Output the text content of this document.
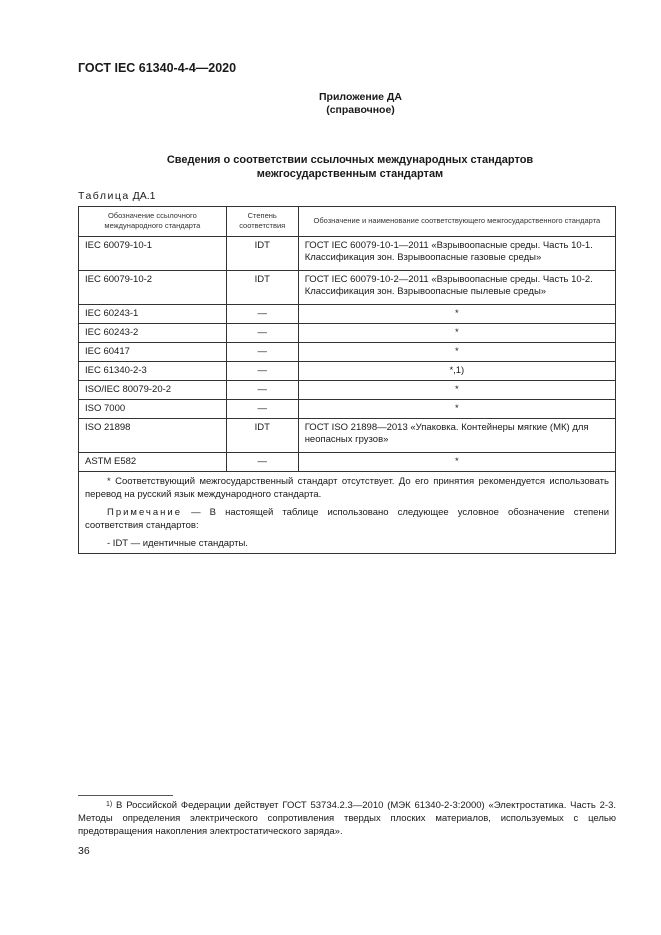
ГОСТ IEC 61340-4-4—2020
Приложение ДА
(справочное)
Сведения о соответствии ссылочных международных стандартов
межгосударственным стандартам
Таблица ДА.1
Обозначение ссылочного международного стандарта	Степень соответствия	Обозначение и наименование соответствующего межгосударственного стандарта
IEC 60079-10-1	IDT	ГОСТ IEC 60079-10-1—2011 «Взрывоопасные среды. Часть 10-1. Классификация зон. Взрывоопасные газовые среды»
IEC 60079-10-2	IDT	ГОСТ IEC 60079-10-2—2011 «Взрывоопасные среды. Часть 10-2. Классификация зон. Взрывоопасные пылевые среды»
IEC 60243-1	—	*
IEC 60243-2	—	*
IEC 60417	—	*
IEC 61340-2-3	—	*,1)
ISO/IEC 80079-20-2	—	*
ISO 7000	—	*
ISO 21898	IDT	ГОСТ ISO 21898—2013 «Упаковка. Контейнеры мягкие (МК) для неопасных грузов»
ASTM E582	—	*

* Соответствующий межгосударственный стандарт отсутствует. До его принятия рекомендуется использовать перевод на русский язык международного стандарта.

Примечание — В настоящей таблице использовано следующее условное обозначение степени соответствия стандартов:

- IDT — идентичные стандарты.		

$^{1)}$ В Российской Федерации действует ГОСТ 53734.2.3—2010 (МЭК 61340-2-3:2000) «Электростатика. Часть 2-3. Методы определения электрического сопротивления твердых плоских материалов, используемых с целью предотвращения накопления электростатического заряда».
36
